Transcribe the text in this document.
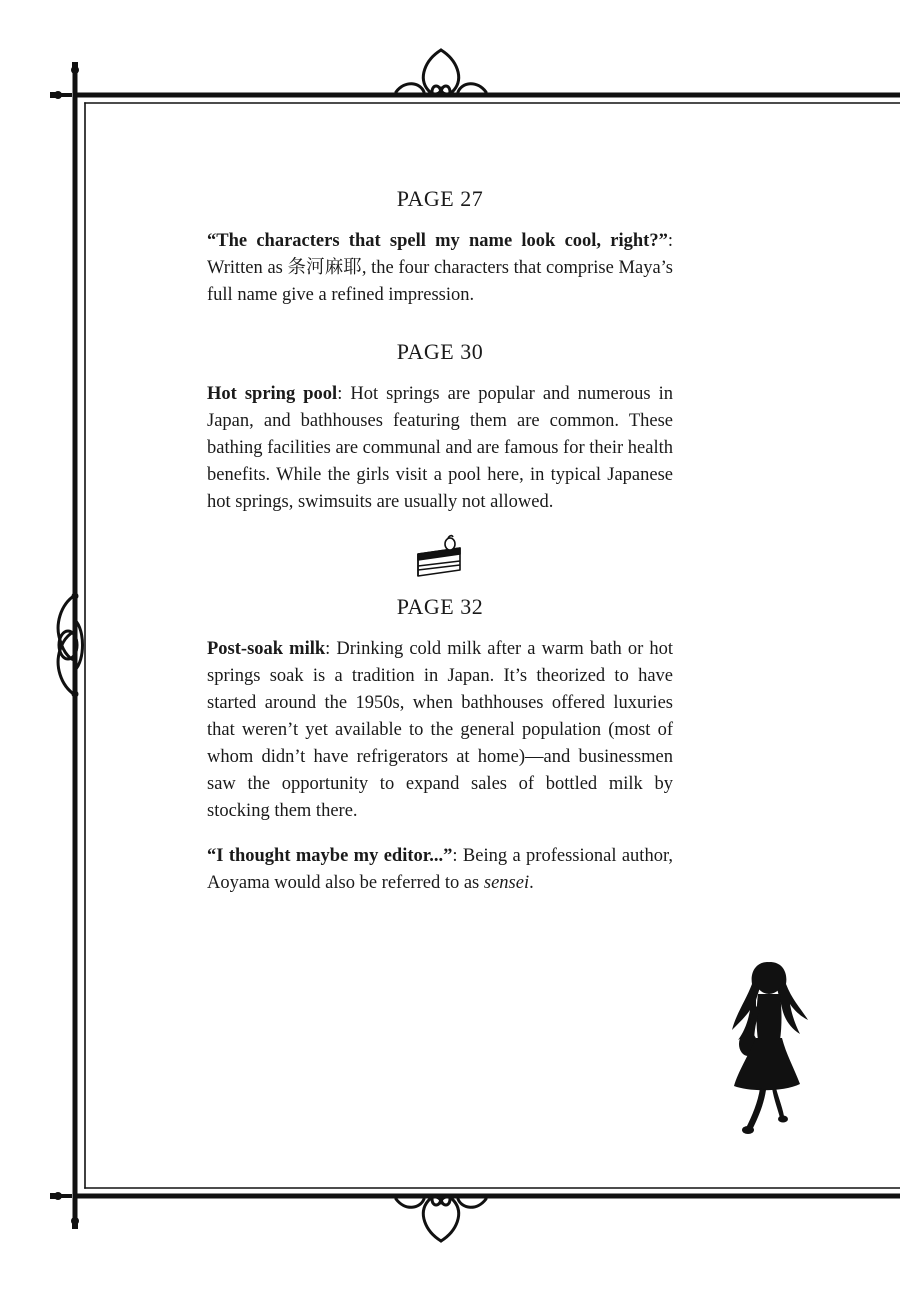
PAGE 27

“The characters that spell my name look cool, right?”: Written as 条河麻耶, the four characters that comprise Maya’s full name give a refined impression.

PAGE 30

Hot spring pool: Hot springs are popular and numerous in Japan, and bathhouses featuring them are common. These bathing facilities are communal and are famous for their health benefits. While the girls visit a pool here, in typical Japanese hot springs, swimsuits are usually not allowed.

PAGE 32

Post-soak milk: Drinking cold milk after a warm bath or hot springs soak is a tradition in Japan. It’s theorized to have started around the 1950s, when bathhouses offered luxuries that weren’t yet available to the general population (most of whom didn’t have refrigerators at home)—and businessmen saw the opportunity to expand sales of bottled milk by stocking them there.

“I thought maybe my editor...”: Being a professional author, Aoyama would also be referred to as sensei.
